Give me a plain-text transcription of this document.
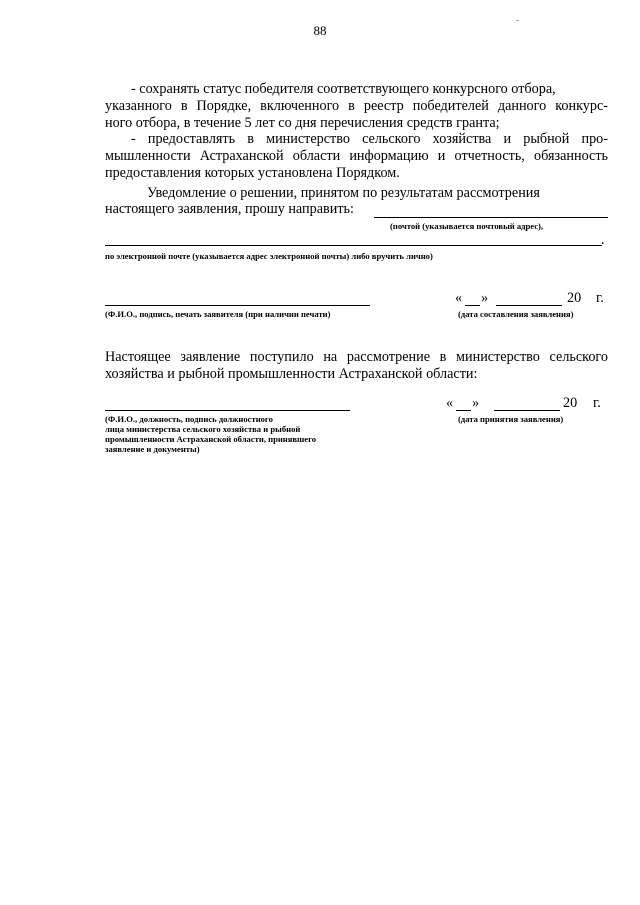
88
- сохранять статус победителя соответствующего конкурсного отбора,
указанного в Порядке, включенного в реестр победителей данного конкурс-
ного отбора, в течение 5 лет со дня перечисления средств гранта;
- предоставлять в министерство сельского хозяйства и рыбной про-
мышленности Астраханской области информацию и отчетность, обязанность
предоставления которых установлена Порядком.
Уведомление о решении, принятом по результатам рассмотрения
настоящего заявления, прошу направить:
(почтой (указывается почтовый адрес),
.
по электронной почте (указывается адрес электронной почты) либо вручить лично)
(Ф.И.О., подпись, печать заявителя (при наличии печати)
« »	20 г.
(дата составления заявления)
Настоящее заявление поступило на рассмотрение в министерство сельского
хозяйства и рыбной промышленности Астраханской области:
(Ф.И.О., должность, подпись должностного
лица министерства сельского хозяйства и рыбной
промышленности Астраханской области, принявшего
заявление и документы)
« »	20 г.
(дата принятия заявления)
